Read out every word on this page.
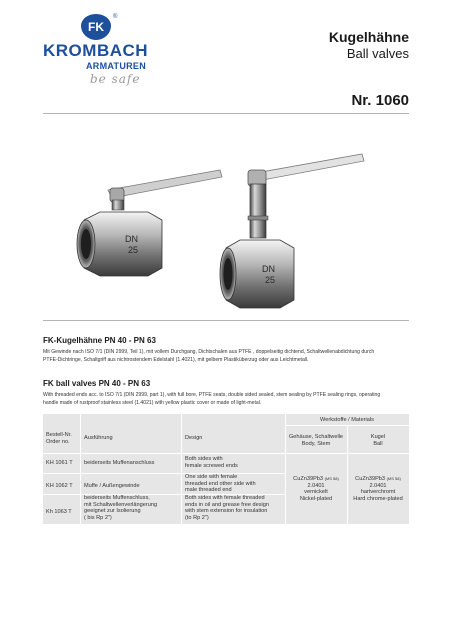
FK
®
KROMBACH
ARMATUREN
be safe
Kugelhähne
Ball valves
Nr. 1060
DN
25
DN
25
FK-Kugelhähne PN 40 - PN 63
Mit Gewinde nach ISO 7/1 (DIN 2999, Teil 1), mit vollem Durchgang, Dichtschalen aus PTFE , doppelseitig dichtend, Schaltwellenabdichtung durch
PTFE-Dichtringe, Schaltgriff aus nichtrostendem Edelstahl (1.4021), mit gelbem Plastiküberzug oder aus Leichtmetall.
FK ball valves PN 40 - PN 63
With threaded ends acc. to ISO 7/1 (DIN 2999, part 1), with full bore, PTFE seats, double sided sealed, stem sealing by PTFE sealing rings, operating
handle made of rustproof stainless steel (1.4021) with yellow plastic cover or made of light-metal.
Werkstoffe / Materials
Bestell-Nr.
Order no.
Ausführung	Design	Gehäuse, Schaltwelle
Body, Stem
Kugel
Ball
KH 1061 T beiderseits Muffenanschluss
Both sides with
female screwed ends
KH 1062 T Muffe / Außengewinde
One side with female
threaded end other side with
male threaded end
Kh 1063 T
beiderseits Muffenschluss,
mit Schaltwellenverlängerung
geeignet zur Isolierung
( bis Rp 2")
Both sides with female threaded
ends in oil and grease free design
with stem extension for insulation
(to Rp 2")
CuZn39Pb3 (MS 58)
2.0401
vernickelt
Nickel-plated
CuZn39Pb3 (MS 58)
2.0401
hartverchromt
Hard chrome-plated
